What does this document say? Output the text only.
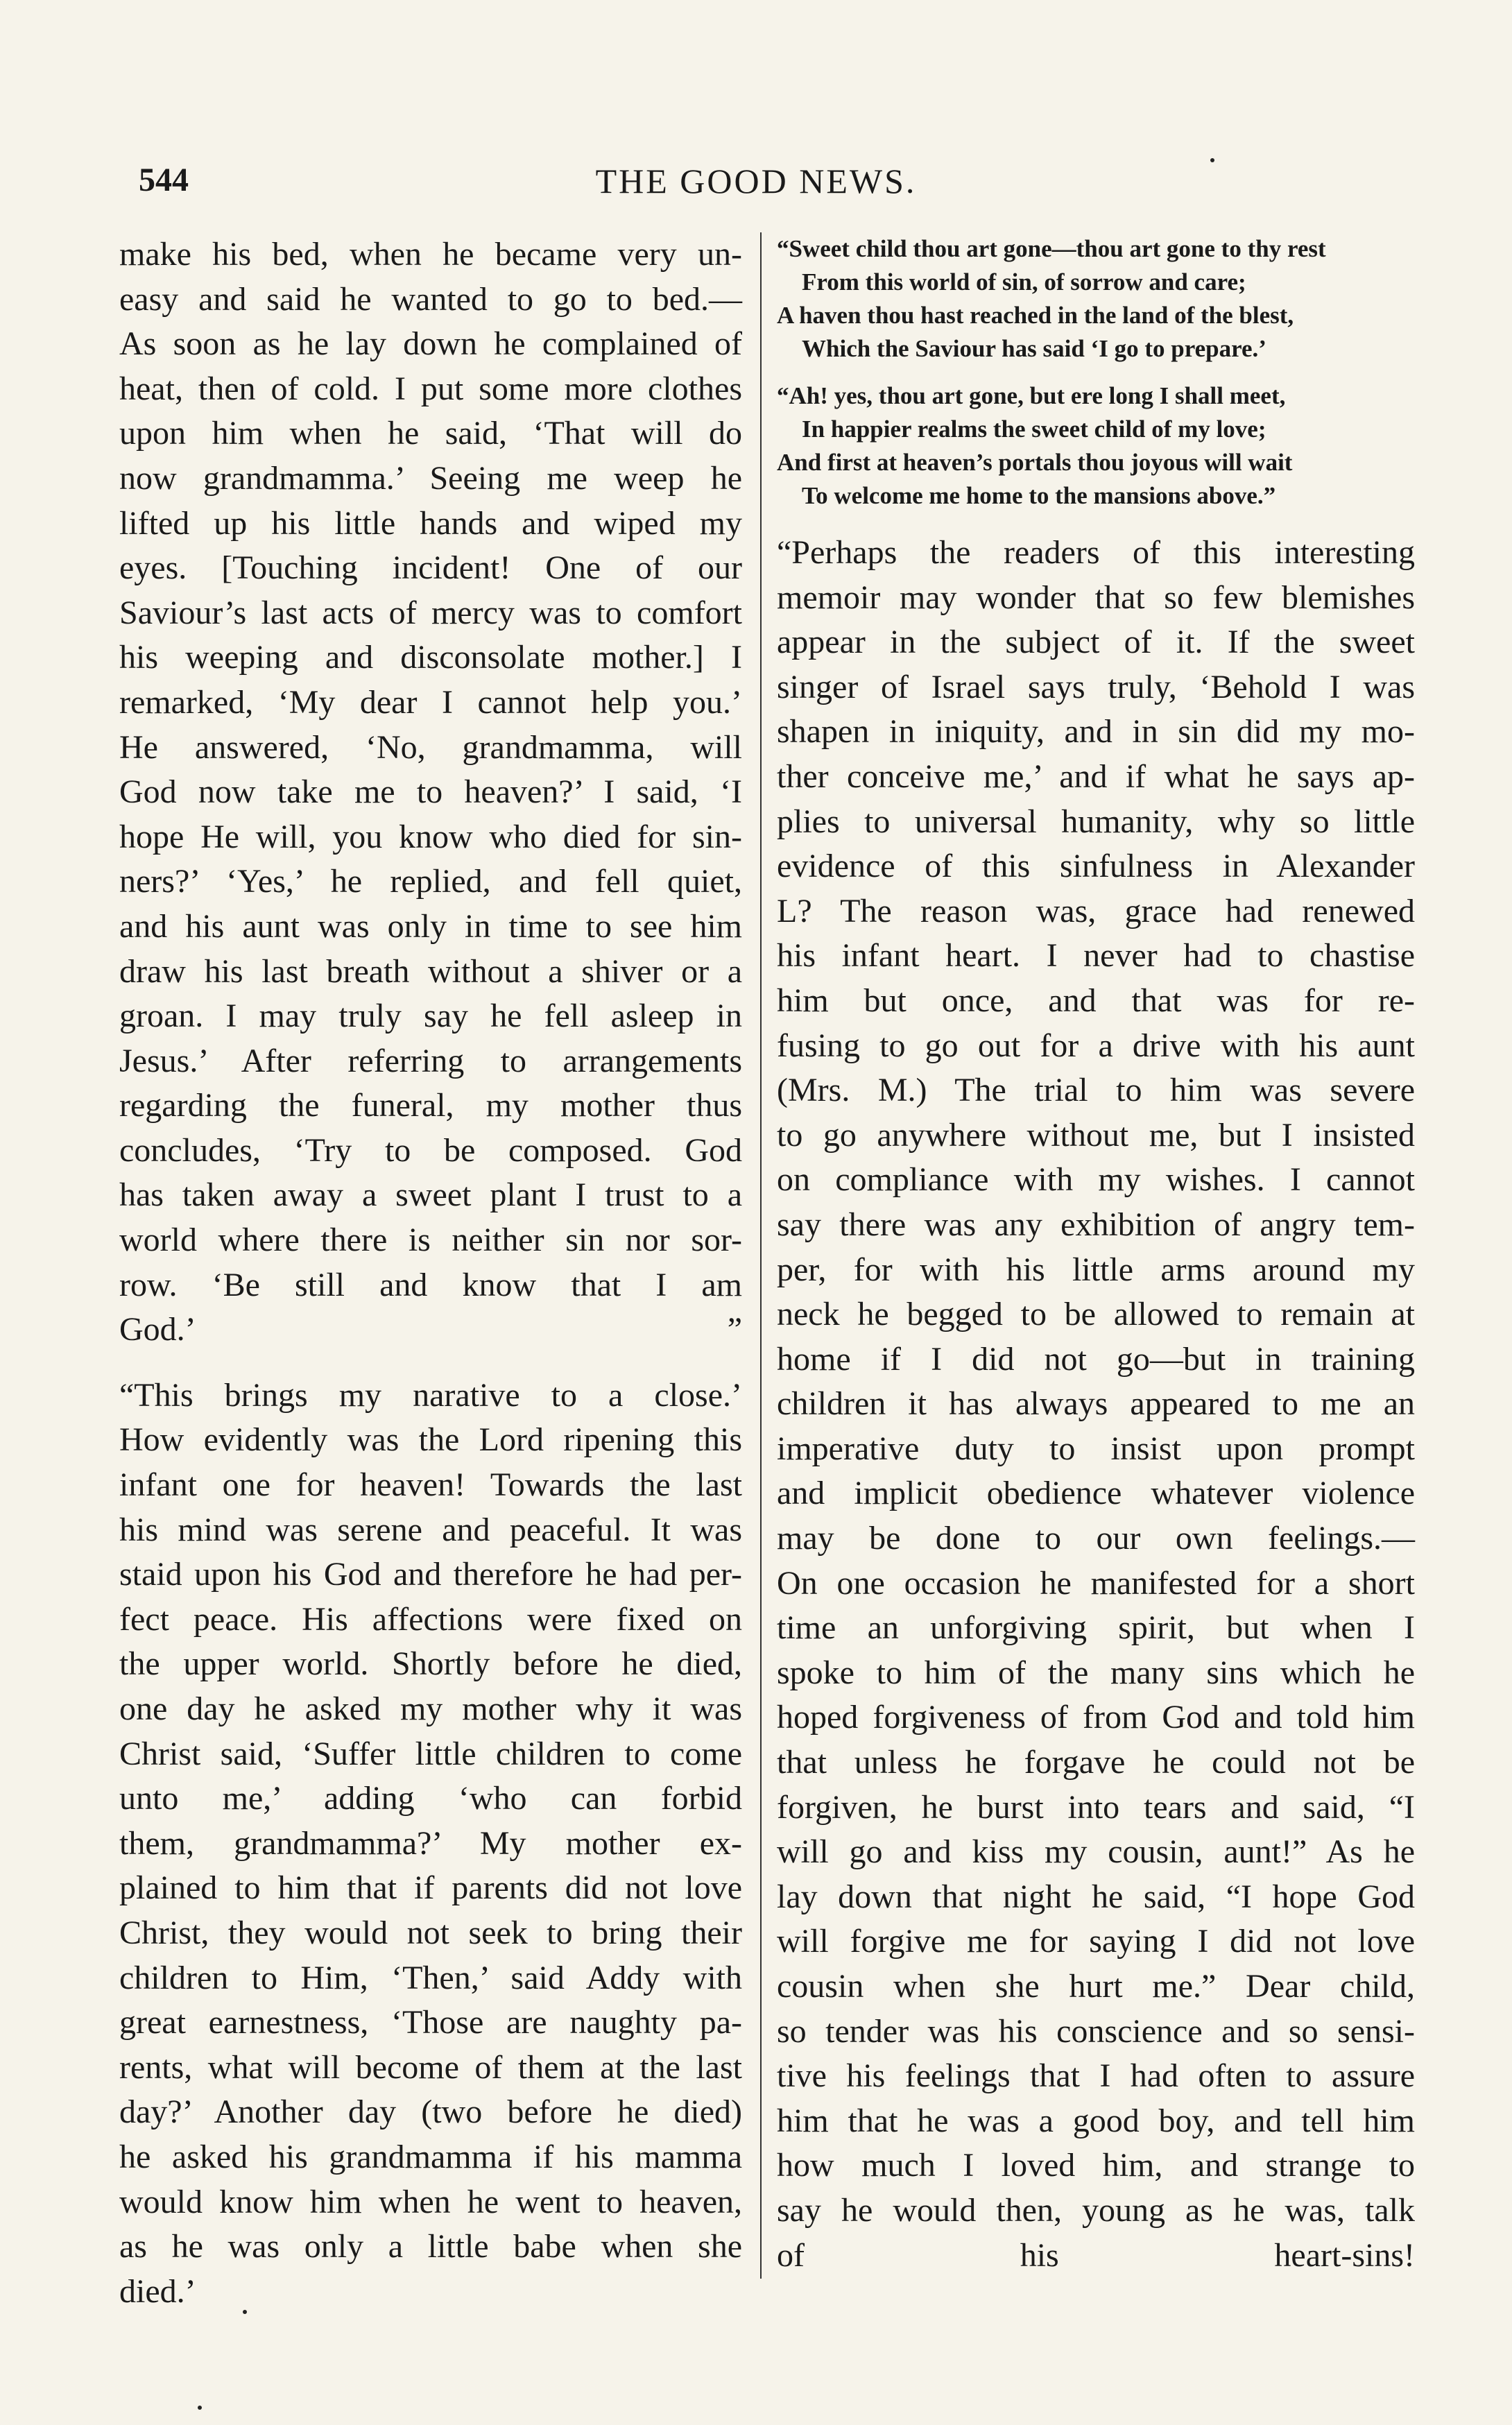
544	THE GOOD NEWS.
make his bed, when he became very un-
easy and said he wanted to go to bed.—
As soon as he lay down he complained of
heat, then of cold. I put some more clothes
upon him when he said, ‘That will do
now grandmamma.’ Seeing me weep he
lifted up his little hands and wiped my
eyes. [Touching incident! One of our
Saviour’s last acts of mercy was to comfort
his weeping and disconsolate mother.] I
remarked, ‘My dear I cannot help you.’
He answered, ‘No, grandmamma, will
God now take me to heaven?’ I said, ‘I
hope He will, you know who died for sin-
ners?’ ‘Yes,’ he replied, and fell quiet,
and his aunt was only in time to see him
draw his last breath without a shiver or a
groan. I may truly say he fell asleep in
Jesus.’ After referring to arrangements
regarding the funeral, my mother thus
concludes, ‘Try to be composed. God
has taken away a sweet plant I trust to a
world where there is neither sin nor sor-
row. ‘Be still and know that I am
God.’ ”
“This brings my narative to a close.’
How evidently was the Lord ripening this
infant one for heaven! Towards the last
his mind was serene and peaceful. It was
staid upon his God and therefore he had per-
fect peace. His affections were fixed on
the upper world. Shortly before he died,
one day he asked my mother why it was
Christ said, ‘Suffer little children to come
unto me,’ adding ‘who can forbid
them, grandmamma?’ My mother ex-
plained to him that if parents did not love
Christ, they would not seek to bring their
children to Him, ‘Then,’ said Addy with
great earnestness, ‘Those are naughty pa-
rents, what will become of them at the last
day?’ Another day (two before he died)
he asked his grandmamma if his mamma
would know him when he went to heaven,
as he was only a little babe when she
died.’
“Sweet child thou art gone—thou art gone to thy rest
From this world of sin, of sorrow and care;
A haven thou hast reached in the land of the blest,
Which the Saviour has said ‘I go to prepare.’
“Ah! yes, thou art gone, but ere long I shall meet,
In happier realms the sweet child of my love;
And first at heaven’s portals thou joyous will wait
To welcome me home to the mansions above.”
“Perhaps the readers of this interesting
memoir may wonder that so few blemishes
appear in the subject of it. If the sweet
singer of Israel says truly, ‘Behold I was
shapen in iniquity, and in sin did my mo-
ther conceive me,’ and if what he says ap-
plies to universal humanity, why so little
evidence of this sinfulness in Alexander
L? The reason was, grace had renewed
his infant heart. I never had to chastise
him but once, and that was for re-
fusing to go out for a drive with his aunt
(Mrs. M.) The trial to him was severe
to go anywhere without me, but I insisted
on compliance with my wishes. I cannot
say there was any exhibition of angry tem-
per, for with his little arms around my
neck he begged to be allowed to remain at
home if I did not go—but in training
children it has always appeared to me an
imperative duty to insist upon prompt
and implicit obedience whatever violence
may be done to our own feelings.—
On one occasion he manifested for a short
time an unforgiving spirit, but when I
spoke to him of the many sins which he
hoped forgiveness of from God and told him
that unless he forgave he could not be
forgiven, he burst into tears and said, “I
will go and kiss my cousin, aunt!” As he
lay down that night he said, “I hope God
will forgive me for saying I did not love
cousin when she hurt me.” Dear child,
so tender was his conscience and so sensi-
tive his feelings that I had often to assure
him that he was a good boy, and tell him
how much I loved him, and strange to
say he would then, young as he was, talk
of his heart-sins!
